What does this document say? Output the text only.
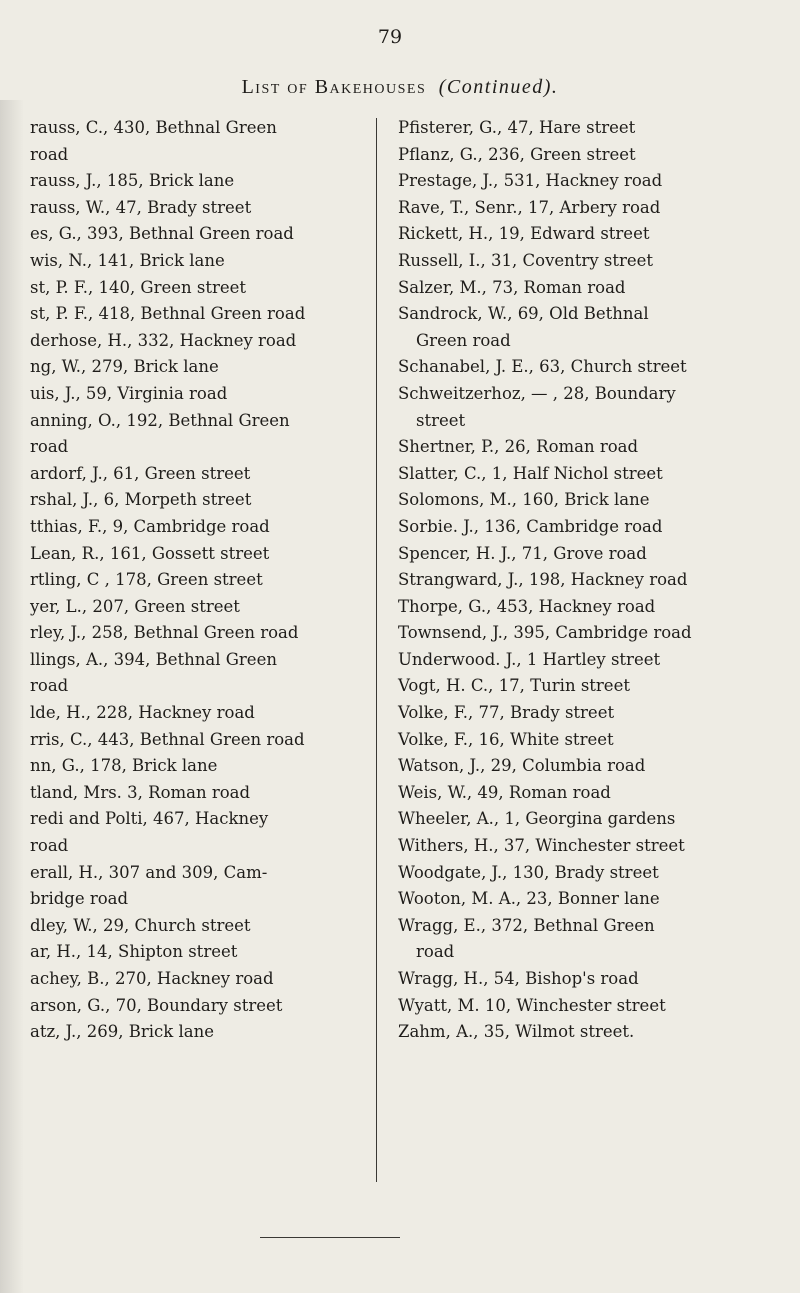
79
List of Bakehouses (Continued).
rauss, C., 430, Bethnal Green
road
rauss, J., 185, Brick lane
rauss, W., 47, Brady street
es, G., 393, Bethnal Green road
wis, N., 141, Brick lane
st, P. F., 140, Green street
st, P. F., 418, Bethnal Green road
derhose, H., 332, Hackney road
ng, W., 279, Brick lane
uis, J., 59, Virginia road
anning, O., 192, Bethnal Green
road
ardorf, J., 61, Green street
rshal, J., 6, Morpeth street
tthias, F., 9, Cambridge road
Lean, R., 161, Gossett street
rtling, C , 178, Green street
yer, L., 207, Green street
rley, J., 258, Bethnal Green road
llings, A., 394, Bethnal Green
road
lde, H., 228, Hackney road
rris, C., 443, Bethnal Green road
nn, G., 178, Brick lane
tland, Mrs. 3, Roman road
redi and Polti, 467, Hackney
road
erall, H., 307 and 309, Cam-
bridge road
dley, W., 29, Church street
ar, H., 14, Shipton street
achey, B., 270, Hackney road
arson, G., 70, Boundary street
atz, J., 269, Brick lane
Pfisterer, G., 47, Hare street
Pflanz, G., 236, Green street
Prestage, J., 531, Hackney road
Rave, T., Senr., 17, Arbery road
Rickett, H., 19, Edward street
Russell, I., 31, Coventry street
Salzer, M., 73, Roman road
Sandrock, W., 69, Old Bethnal
Green road
Schanabel, J. E., 63, Church street
Schweitzerhoz, — , 28, Boundary
street
Shertner, P., 26, Roman road
Slatter, C., 1, Half Nichol street
Solomons, M., 160, Brick lane
Sorbie. J., 136, Cambridge road
Spencer, H. J., 71, Grove road
Strangward, J., 198, Hackney road
Thorpe, G., 453, Hackney road
Townsend, J., 395, Cambridge road
Underwood. J., 1 Hartley street
Vogt, H. C., 17, Turin street
Volke, F., 77, Brady street
Volke, F., 16, White street
Watson, J., 29, Columbia road
Weis, W., 49, Roman road
Wheeler, A., 1, Georgina gardens
Withers, H., 37, Winchester street
Woodgate, J., 130, Brady street
Wooton, M. A., 23, Bonner lane
Wragg, E., 372, Bethnal Green
road
Wragg, H., 54, Bishop's road
Wyatt, M. 10, Winchester street
Zahm, A., 35, Wilmot street.
